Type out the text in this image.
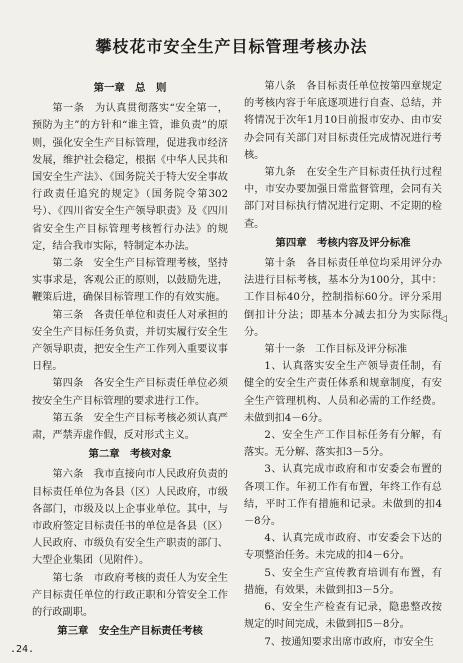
攀枝花市安全生产目标管理考核办法
第一章　总　则

第一条　为认真贯彻落实“安全第一，预防为主”的方针和“谁主管，谁负责”的原则，强化安全生产目标管理，促进我市经济发展，维护社会稳定，根据《中华人民共和国安全生产法》、《国务院关于特大安全事故行政责任追究的规定》（国务院令第302号）、《四川省安全生产领导职责》及《四川省安全生产目标管理考核暂行办法》的规定，结合我市实际，特制定本办法。

第二条　安全生产目标管理考核，坚持实事求是，客观公正的原则，以鼓励先进，鞭策后进，确保目标管理工作的有效实施。

第三条　各责任单位和责任人对承担的安全生产目标任务负责，并切实履行安全生产领导职责，把安全生产工作列入重要议事日程。

第四条　各安全生产目标责任单位必须按安全生产目标管理的要求进行工作。

第五条　安全生产目标考核必须认真严肃，严禁弄虚作假，反对形式主义。

第二章　考核对象

第六条　我市直接向市人民政府负责的目标责任单位为各县（区）人民政府，市级各部门，市级及以上企事业单位。其中，与市政府签定目标责任书的单位是各县（区）人民政府、市级负有安全生产职责的部门、大型企业集团（见附件）。

第七条　市政府考核的责任人为安全生产目标责任单位的行政正职和分管安全工作的行政副职。

第三章　安全生产目标责任考核

第八条　各目标责任单位按第四章规定的考核内容于年底逐项进行自查、总结，并将情况于次年1月10日前报市安办、由市安办会同有关部门对目标责任完成情况进行考核。

第九条　在安全生产目标责任执行过程中，市安办要加强日常监督管理，会同有关部门对目标执行情况进行定期、不定期的检查。

第四章　考核内容及评分标准

第十条　各目标责任单位均采用评分办法进行目标考核，基本分为100分，其中：工作目标40分，控制指标60分。评分采用倒扣计分法；即基本分减去扣分为实际得分。

第十一条　工作目标及评分标准

1、认真落实安全生产领导责任制，有健全的安全生产责任体系和规章制度，有安全生产管理机构、人员和必需的工作经费。未做到扣4－6分。

2、安全生产工作目标任务有分解，有落实。无分解、落实扣3－5分。

3、认真完成市政府和市安委会布置的各项工作。年初工作有布置，年终工作有总结，平时工作有措施和记录。未做到的扣4－8分。

4、认真完成市政府、市安委会下达的专项整治任务。未完成的扣4－6分。

5、安全生产宣传教育培训有布置，有措施，有效果，未做到扣3－5分。

6、安全生产检查有记录，隐患整改按规定的时间完成，未做到扣5－8分。

7、按通知要求出席市政府，市安全生

◁
.24.
